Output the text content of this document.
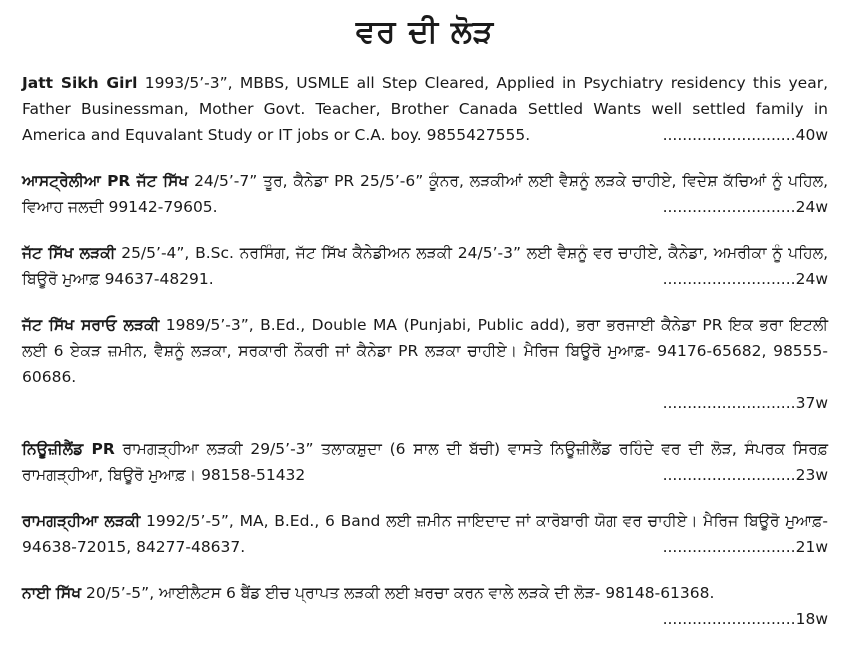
ਵਰ ਦੀ ਲੋੜ
Jatt Sikh Girl 1993/5’-3”, MBBS, USMLE all Step Cleared, Applied in Psychiatry residency this year, Father Businessman, Mother Govt. Teacher, Brother Canada Settled Wants well settled family in America and Equvalant Study or IT jobs or C.A. boy. 9855427555.	...........................40w
ਆਸਟ੍ਰੇਲੀਆ PR ਜੱਟ ਸਿੱਖ 24/5’-7” ਤੂਰ, ਕੈਨੇਡਾ PR 25/5’-6” ਕੂੰਨਰ, ਲੜਕੀਆਂ ਲਈ ਵੈਸ਼ਨੂੰ ਲੜਕੇ ਚਾਹੀਏ, ਵਿਦੇਸ਼ ਕੱਚਿਆਂ ਨੂੰ ਪਹਿਲ, ਵਿਆਹ ਜਲਦੀ 99142-79605.	...........................24w
ਜੱਟ ਸਿੱਖ ਲੜਕੀ 25/5’-4”, B.Sc. ਨਰਸਿੰਗ, ਜੱਟ ਸਿੱਖ ਕੈਨੇਡੀਅਨ ਲੜਕੀ 24/5’-3” ਲਈ ਵੈਸ਼ਨੂੰ ਵਰ ਚਾਹੀਏ, ਕੈਨੇਡਾ, ਅਮਰੀਕਾ ਨੂੰ ਪਹਿਲ, ਬਿਊਰੋ ਮੁਆਫ਼ 94637-48291.	...........................24w
ਜੱਟ ਸਿੱਖ ਸਰਾਓ ਲੜਕੀ 1989/5’-3”, B.Ed., Double MA (Punjabi, Public add), ਭਰਾ ਭਰਜਾਈ ਕੈਨੇਡਾ PR ਇਕ ਭਰਾ ਇਟਲੀ ਲਈ 6 ਏਕੜ ਜ਼ਮੀਨ, ਵੈਸ਼ਨੂੰ ਲੜਕਾ, ਸਰਕਾਰੀ ਨੌਕਰੀ ਜਾਂ ਕੈਨੇਡਾ PR ਲੜਕਾ ਚਾਹੀਏ। ਮੈਰਿਜ ਬਿਊਰੋ ਮੁਆਫ਼- 94176-65682, 98555-60686.
...........................37w
ਨਿਊਜ਼ੀਲੈਂਡ PR ਰਾਮਗੜ੍ਹੀਆ ਲੜਕੀ 29/5’-3” ਤਲਾਕਸ਼ੁਦਾ (6 ਸਾਲ ਦੀ ਬੱਚੀ) ਵਾਸਤੇ ਨਿਊਜ਼ੀਲੈਂਡ ਰਹਿੰਦੇ ਵਰ ਦੀ ਲੋੜ, ਸੰਪਰਕ ਸਿਰਫ਼ ਰਾਮਗੜ੍ਹੀਆ, ਬਿਊਰੋ ਮੁਆਫ਼। 98158-51432	...........................23w
ਰਾਮਗੜ੍ਹੀਆ ਲੜਕੀ 1992/5’-5”, MA, B.Ed., 6 Band ਲਈ ਜ਼ਮੀਨ ਜਾਇਦਾਦ ਜਾਂ ਕਾਰੋਬਾਰੀ ਯੋਗ ਵਰ ਚਾਹੀਏ। ਮੈਰਿਜ ਬਿਊਰੋ ਮੁਆਫ਼- 94638-72015, 84277-48637.	...........................21w
ਨਾਈ ਸਿੱਖ 20/5’-5”, ਆਈਲੈਟਸ 6 ਬੈਂਡ ਈਚ ਪ੍ਰਾਪਤ ਲੜਕੀ ਲਈ ਖ਼ਰਚਾ ਕਰਨ ਵਾਲੇ ਲੜਕੇ ਦੀ ਲੋੜ- 98148-61368.
...........................18w
